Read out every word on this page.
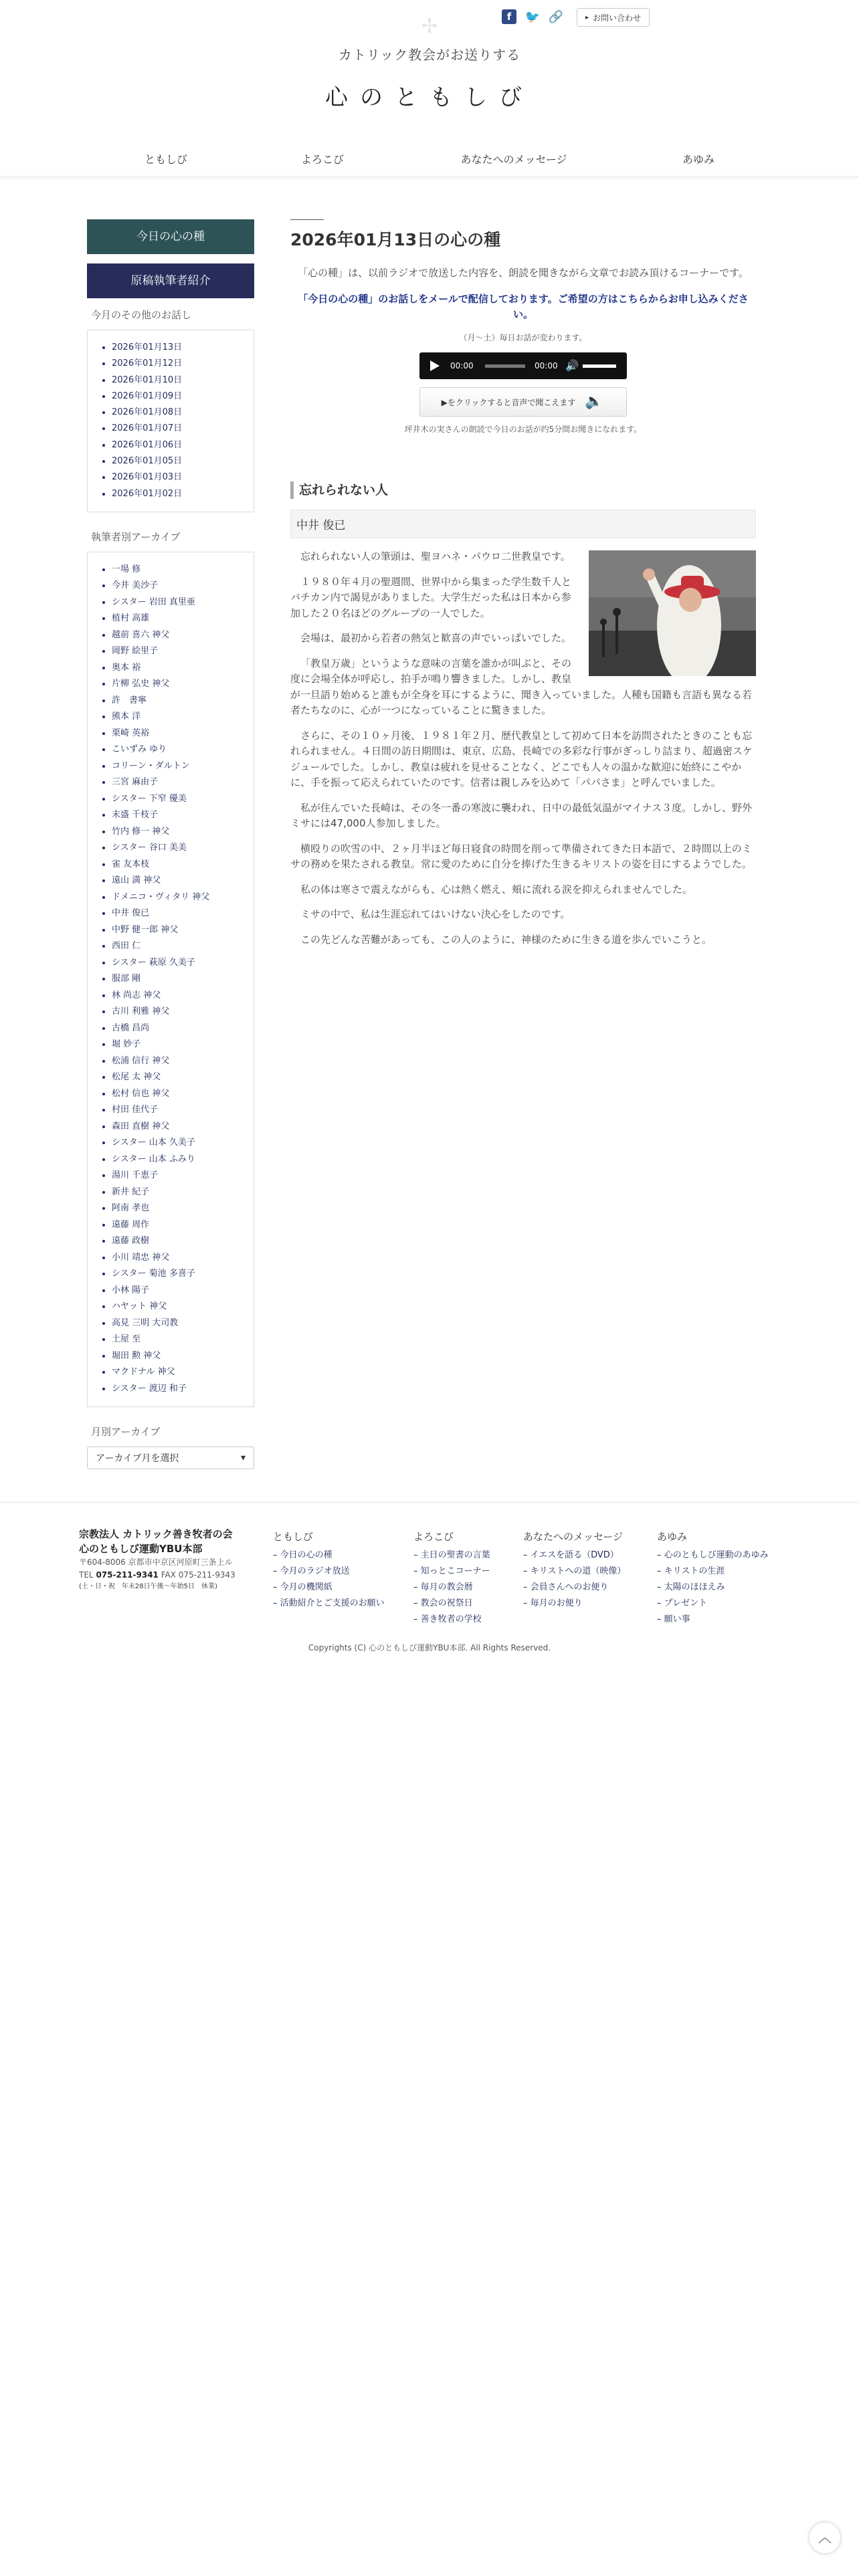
✢	f	🐦 🔗	▸ お問い合わせ
カトリック教会がお送りする
心のともしび
ともしび	よろこび	あなたへのメッセージ	あゆみ
今日の心の種
原稿執筆者紹介
今月のその他のお話し
2026年01月13日
2026年01月12日
2026年01月10日
2026年01月09日
2026年01月08日
2026年01月07日
2026年01月06日
2026年01月05日
2026年01月03日
2026年01月02日
執筆者別アーカイブ
一場 修
今井 美沙子
シスター 岩田 真里亜
植村 高雄
越前 喜六 神父
岡野 絵里子
奥本 裕
片柳 弘史 神父
許　書寧
熊本 洋
栗崎 英裕
こいずみ ゆり
コリーン・ダルトン
三宮 麻由子
シスター 下窄 優美
末盛 千枝子
竹内 修一 神父
シスター 谷口 美美
雀 友本枝
遠山 満 神父
ドメニコ・ヴィタリ 神父
中井 俊已
中野 健一郎 神父
西田 仁
シスター 萩原 久美子
服部 剛
林 尚志 神父
古川 利雅 神父
古橋 昌尚
堀 妙子
松浦 信行 神父
松尾 太 神父
松村 信也 神父
村田 佳代子
森田 直樹 神父
シスター 山本 久美子
シスター 山本 ふみり
湯川 千恵子
新井 紀子
阿南 孝也
遠藤 周作
遠藤 政樹
小川 靖忠 神父
シスター 菊池 多喜子
小林 陽子
ハヤット 神父
高見 三明 大司教
土屋 至
堀田 勲 神父
マクドナル 神父
シスター 渡辺 和子
月別アーカイブ
アーカイブ月を選択	▾
2026年01月13日の心の種

「心の種」は、以前ラジオで放送した内容を、朗読を聞きながら文章でお読み頂けるコーナーです。

「今日の心の種」のお話しをメールで配信しております。ご希望の方はこちらからお申し込みください。

（月〜土）毎日お話が変わります。

00:00	00:00 🔊
▶をクリックすると音声で聞こえます 🔈

坪井木の実さんの朗読で今日のお話が约5分間お聞きになれます。

忘れられない人
中井 俊已

忘れられない人の筆頭は、聖ヨハネ・パウロ二世教皇です。

１９８０年４月の聖週間、世界中から集まった学生数千人とバチカン内で謁見がありました。大学生だった私は日本から参加した２０名ほどのグループの一人でした。

会場は、最初から若者の熱気と歓喜の声でいっぱいでした。

「教皇万歳」というような意味の言葉を誰かが叫ぶと、その度に会場全体が呼応し、拍手が鳴り響きました。しかし、教皇が一旦語り始めると誰もが全身を耳にするように、聞き入っていました。人種も国籍も言語も異なる若者たちなのに、心が一つになっていることに驚きました。

さらに、その１０ヶ月後、１９８１年２月、歴代教皇として初めて日本を訪問されたときのことも忘れられません。４日間の訪日期間は、東京、広島、長崎での多彩な行事がぎっしり詰まり、超過密スケジュールでした。しかし、教皇は疲れを見せることなく、どこでも人々の温かな歓迎に始終にこやかに、手を振って応えられていたのです。信者は親しみを込めて「パパさま」と呼んでいました。

私が住んでいた長崎は、その冬一番の寒波に襲われ、日中の最低気温がマイナス３度。しかし、野外ミサには47,000人参加しました。

横殴りの吹雪の中、２ヶ月半ほど毎日寝食の時間を削って準備されてきた日本語で、２時間以上のミサの務めを果たされる教皇。常に愛のために自分を捧げた生きるキリストの姿を目にするようでした。

私の体は寒さで震えながらも、心は熱く燃え、頬に流れる涙を抑えられませんでした。

ミサの中で、私は生涯忘れてはいけない決心をしたのです。

この先どんな苦難があっても、この人のように、神様のために生きる道を歩んでいこうと。

宗教法人 カトリック善き牧者の会
心のともしび運動YBU本部
〒604-8006 京都市中京区河原町三条上ル
TEL 075-211-9341 FAX 075-211-9343
(土・日・祝　年末28日午後〜年始5日　休業)
ともしび
– 今日の心の種
– 今月のラジオ放送
– 今月の機関紙
– 活動紹介とご支援のお願い
よろこび
– 主日の聖書の言葉
– 知っとこコーナー
– 毎月の教会暦
– 教会の祝祭日
– 善き牧者の学校
あなたへのメッセージ
– イエスを語る（DVD）
– キリストへの道（映像）
– 会員さんへのお便り
– 毎月のお便り
あゆみ
– 心のともしび運動のあゆみ
– キリストの生涯
– 太陽のほほえみ
– プレゼント
– 願い事
Copyrights (C) 心のともしび運動YBU本部. All Rights Reserved.
︿
